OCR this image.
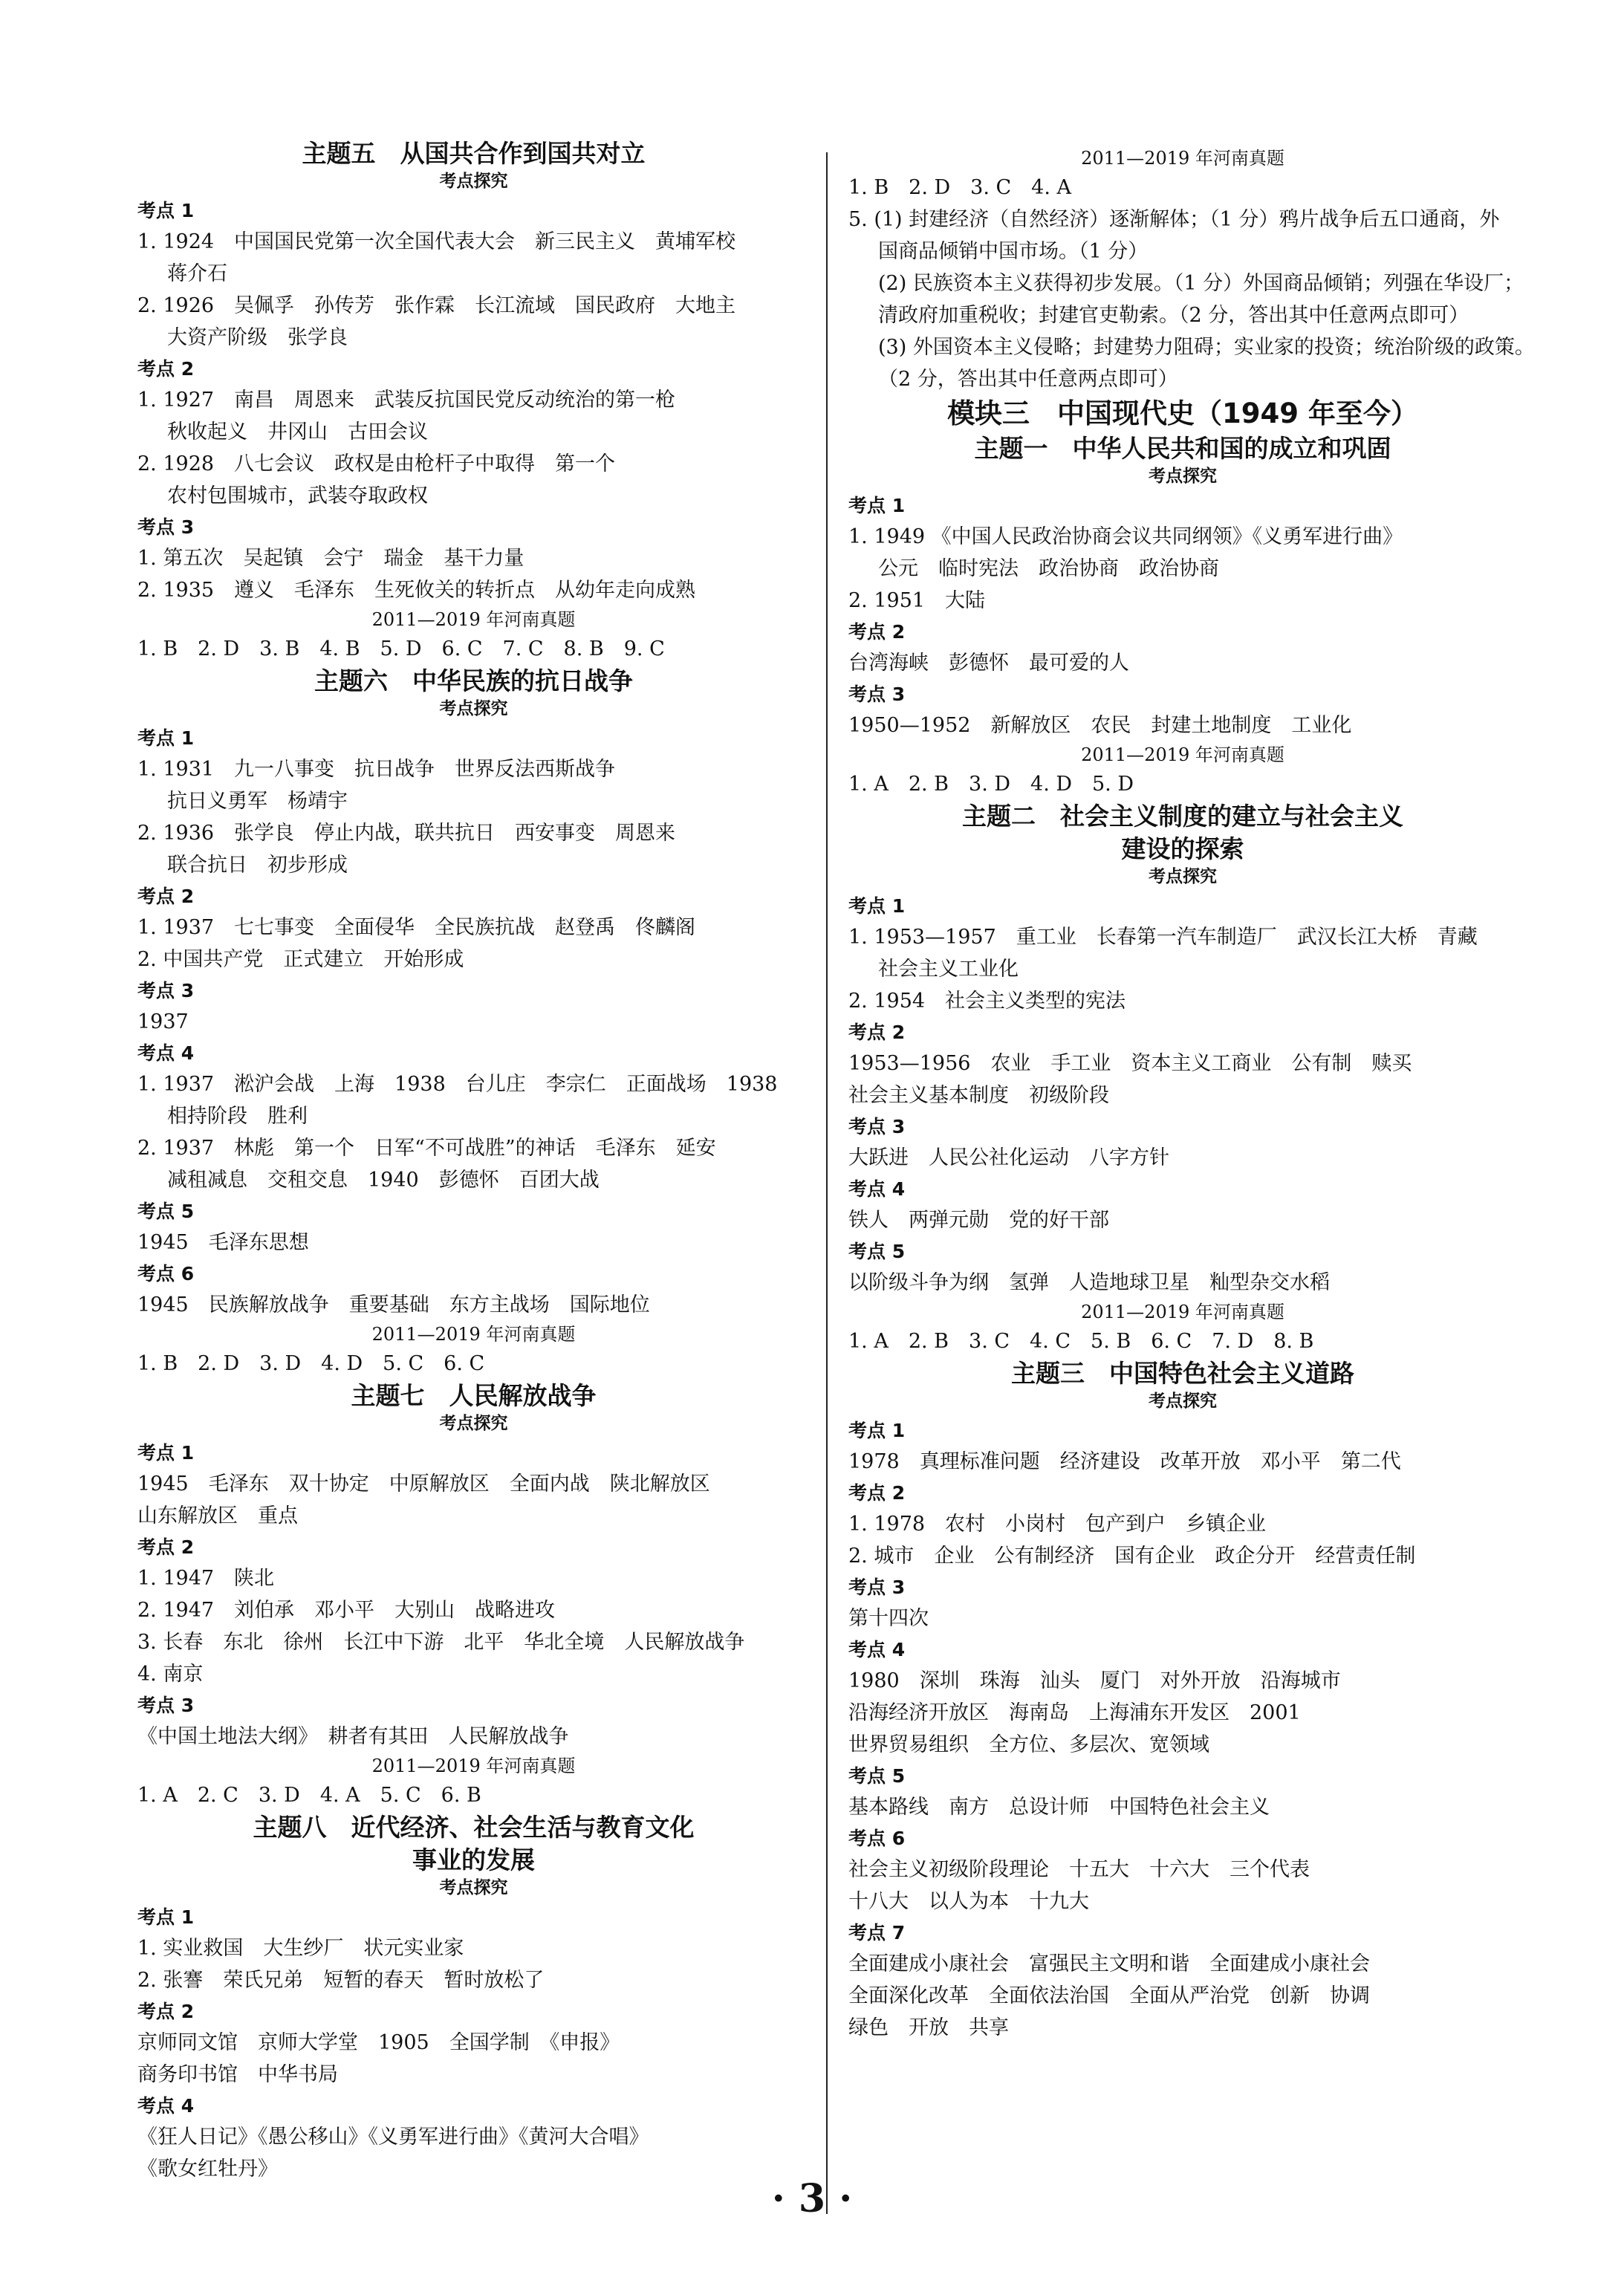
主题五　从国共合作到国共对立

考点探究

考点 1

1. 1924　中国国民党第一次全国代表大会　新三民主义　黄埔军校

蒋介石

2. 1926　吴佩孚　孙传芳　张作霖　长江流域　国民政府　大地主

大资产阶级　张学良

考点 2

1. 1927　南昌　周恩来　武装反抗国民党反动统治的第一枪

秋收起义　井冈山　古田会议

2. 1928　八七会议　政权是由枪杆子中取得　第一个

农村包围城市，武装夺取政权

考点 3

1. 第五次　吴起镇　会宁　瑞金　基干力量

2. 1935　遵义　毛泽东　生死攸关的转折点　从幼年走向成熟

2011—2019 年河南真题

1. B　2. D　3. B　4. B　5. D　6. C　7. C　8. B　9. C

主题六　中华民族的抗日战争

考点探究

考点 1

1. 1931　九一八事变　抗日战争　世界反法西斯战争

抗日义勇军　杨靖宇

2. 1936　张学良　停止内战，联共抗日　西安事变　周恩来

联合抗日　初步形成

考点 2

1. 1937　七七事变　全面侵华　全民族抗战　赵登禹　佟麟阁

2. 中国共产党　正式建立　开始形成

考点 3

1937

考点 4

1. 1937　淞沪会战　上海　1938　台儿庄　李宗仁　正面战场　1938

相持阶段　胜利

2. 1937　林彪　第一个　日军“不可战胜”的神话　毛泽东　延安

减租减息　交租交息　1940　彭德怀　百团大战

考点 5

1945　毛泽东思想

考点 6

1945　民族解放战争　重要基础　东方主战场　国际地位

2011—2019 年河南真题

1. B　2. D　3. D　4. D　5. C　6. C

主题七　人民解放战争

考点探究

考点 1

1945　毛泽东　双十协定　中原解放区　全面内战　陕北解放区

山东解放区　重点

考点 2

1. 1947　陕北

2. 1947　刘伯承　邓小平　大别山　战略进攻

3. 长春　东北　徐州　长江中下游　北平　华北全境　人民解放战争

4. 南京

考点 3

《中国土地法大纲》　耕者有其田　人民解放战争

2011—2019 年河南真题

1. A　2. C　3. D　4. A　5. C　6. B

主题八　近代经济、社会生活与教育文化

事业的发展

考点探究

考点 1

1. 实业救国　大生纱厂　状元实业家

2. 张謇　荣氏兄弟　短暂的春天　暂时放松了

考点 2

京师同文馆　京师大学堂　1905　全国学制　《申报》

商务印书馆　中华书局

考点 4

《狂人日记》《愚公移山》《义勇军进行曲》《黄河大合唱》

《歌女红牡丹》

2011—2019 年河南真题

1. B　2. D　3. C　4. A

5. (1) 封建经济（自然经济）逐渐解体；（1 分）鸦片战争后五口通商，外

国商品倾销中国市场。（1 分）

(2) 民族资本主义获得初步发展。（1 分）外国商品倾销；列强在华设厂；

清政府加重税收；封建官吏勒索。（2 分，答出其中任意两点即可）

(3) 外国资本主义侵略；封建势力阻碍；实业家的投资；统治阶级的政策。

（2 分，答出其中任意两点即可）

模块三　中国现代史（1949 年至今）

主题一　中华人民共和国的成立和巩固

考点探究

考点 1

1. 1949 《中国人民政治协商会议共同纲领》《义勇军进行曲》

公元　临时宪法　政治协商　政治协商

2. 1951　大陆

考点 2

台湾海峡　彭德怀　最可爱的人

考点 3

1950—1952　新解放区　农民　封建土地制度　工业化

2011—2019 年河南真题

1. A　2. B　3. D　4. D　5. D

主题二　社会主义制度的建立与社会主义

建设的探索

考点探究

考点 1

1. 1953—1957　重工业　长春第一汽车制造厂　武汉长江大桥　青藏

社会主义工业化

2. 1954　社会主义类型的宪法

考点 2

1953—1956　农业　手工业　资本主义工商业　公有制　赎买

社会主义基本制度　初级阶段

考点 3

大跃进　人民公社化运动　八字方针

考点 4

铁人　两弹元勋　党的好干部

考点 5

以阶级斗争为纲　氢弹　人造地球卫星　籼型杂交水稻

2011—2019 年河南真题

1. A　2. B　3. C　4. C　5. B　6. C　7. D　8. B

主题三　中国特色社会主义道路

考点探究

考点 1

1978　真理标准问题　经济建设　改革开放　邓小平　第二代

考点 2

1. 1978　农村　小岗村　包产到户　乡镇企业

2. 城市　企业　公有制经济　国有企业　政企分开　经营责任制

考点 3

第十四次

考点 4

1980　深圳　珠海　汕头　厦门　对外开放　沿海城市

沿海经济开放区　海南岛　上海浦东开发区　2001

世界贸易组织　全方位、多层次、宽领域

考点 5

基本路线　南方　总设计师　中国特色社会主义

考点 6

社会主义初级阶段理论　十五大　十六大　三个代表

十八大　以人为本　十九大

考点 7

全面建成小康社会　富强民主文明和谐　全面建成小康社会

全面深化改革　全面依法治国　全面从严治党　创新　协调

绿色　开放　共享

· 3 ·
